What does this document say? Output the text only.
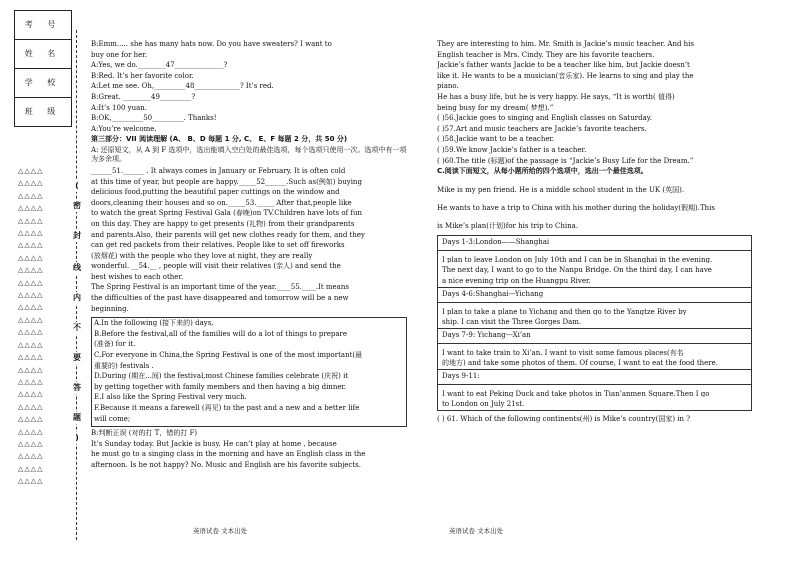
考 号
姓 名
学 校
班 级
△△△△
△△△△
△△△△
△△△△
△△△△
△△△△
△△△△
△△△△
△△△△
△△△△
△△△△
△△△△
△△△△
△△△△
△△△△
△△△△
△△△△
△△△△
△△△△
△△△△
△△△△
△△△△
△△△△
△△△△
△△△△
△△△△
(
密
封
线
内
不
要
答
题
)

B:Emm..... she has many hats now. Do you have sweaters? I want to

buy one for her.

A:Yes, we do.________47______________?

B:Red. It’s her favorite color.

A:Let me see. Oh,_________48_____________? It’s red.

B:Great. ________49_________?

A:It’s 100 yuan.

B:OK,_________50_________. Thanks!

A:You’re welcome.

第三部分：VII 阅读理解 (A、 B、D 每题 1 分, C、 E、F 每题 2 分，共 50 分)

A: 还原短文，从 A 到 F 选项中，选出能填入空白处的最佳选项，每个选项只使用一次。选项中有一项为多余项。

______51.______ . It always comes in January or February. It is often cold

at this time of year, but people are happy._____52______.Such as(例如) buying

delicious food,putting the beautiful paper cuttings on the window and

doors,cleaning their houses and so on._____53._____ After that,people like

to watch the great Spring Festival Gala (春晚)on TV.Children have lots of fun

on this day. They are happy to get presents (礼物) from their grandparents

and parents.Also, their parents will get new clothes ready for them, and they

can get red packets from their relatives. People like to set off fireworks

(放烟花) with the people who they love at night, they are really

wonderful. __54.__ , people will visit their relatives (亲人) and send the

best wishes to each other.

The Spring Festival is an important time of the year.____55.____.It means

the difficulties of the past have disappeared and tomorrow will be a new

beginning.

A.In the following (接下来的) days,

B.Before the festival,all of the families will do a lot of things to prepare

(准备) for it.

C.For everyone in China,the Spring Festival is one of the most important(最

重要的) festivals .

D.During (期在...间) the festival,most Chinese families celebrate (庆祝) it

by getting together with family members and then having a big dinner.

E.I also like the Spring Festival very much.

F.Because it means a farewell (再见) to the past and a new and a better life

will come;

B:判断正误 (对的打 T，错的打 F)

It’s Sunday today. But Jackie is busy. He can’t play at home , because

he must go to a singing class in the morning and have an English class in the

afternoon. Is he not happy? No. Music and English are his favorite subjects.

英语试卷 文本出处

They are interesting to him. Mr. Smith is Jackie’s music teacher. And his

English teacher is Mrs. Cindy. They are his favorite teachers.

Jackie’s father wants Jackie to be a teacher like him, but Jackie doesn’t

like it. He wants to be a musician(音乐家). He learns to sing and play the

piano.

He has a busy life, but he is very happy. He says, “It is worth( 值得)

being busy for my dream( 梦想).”

( )56.Jackie goes to singing and English classes on Saturday.

( )57.Art and music teachers are Jackie’s favorite teachers.

( )58.Jackie want to be a teacher.

( )59.We know Jackie’s father is a teacher.

( )60.The title (标题)of the passage is “Jackie’s Busy Life for the Dream.”

C.阅读下面短文，从每小题所给的四个选项中，选出一个最佳选项。

Mike is my pen friend. He is a middle school student in the UK (英国).

He wants to have a trip to China with his mother during the holiday(假期).This

is Mike’s plan(计划)for his trip to China.

Days 1-3:London——Shanghai

I plan to leave London on July 10th and I can be in Shanghai in the evening.

The next day, I want to go to the Nanpu Bridge. On the third day, I can have

a nice evening trip on the Huangpu River.

Days 4-6:Shanghai---Yichang

I plan to take a plane to Yichang and then go to the Yangtze River by

ship. I can visit the Three Gorges Dam.

Days 7-9: Yichang---Xi’an

I want to take train to Xi’an. I want to visit some famous places(有名

的地方) and take some photos of them. Of course, I want to eat the food there.

Days 9-11:

I want to eat Peking Duck and take photos in Tian’anmen Square.Then I go

to London on July 21st.

( ) 61. Which of the following continents(州) is Mike’s country(国家) in ?

英语试卷 文本出处
